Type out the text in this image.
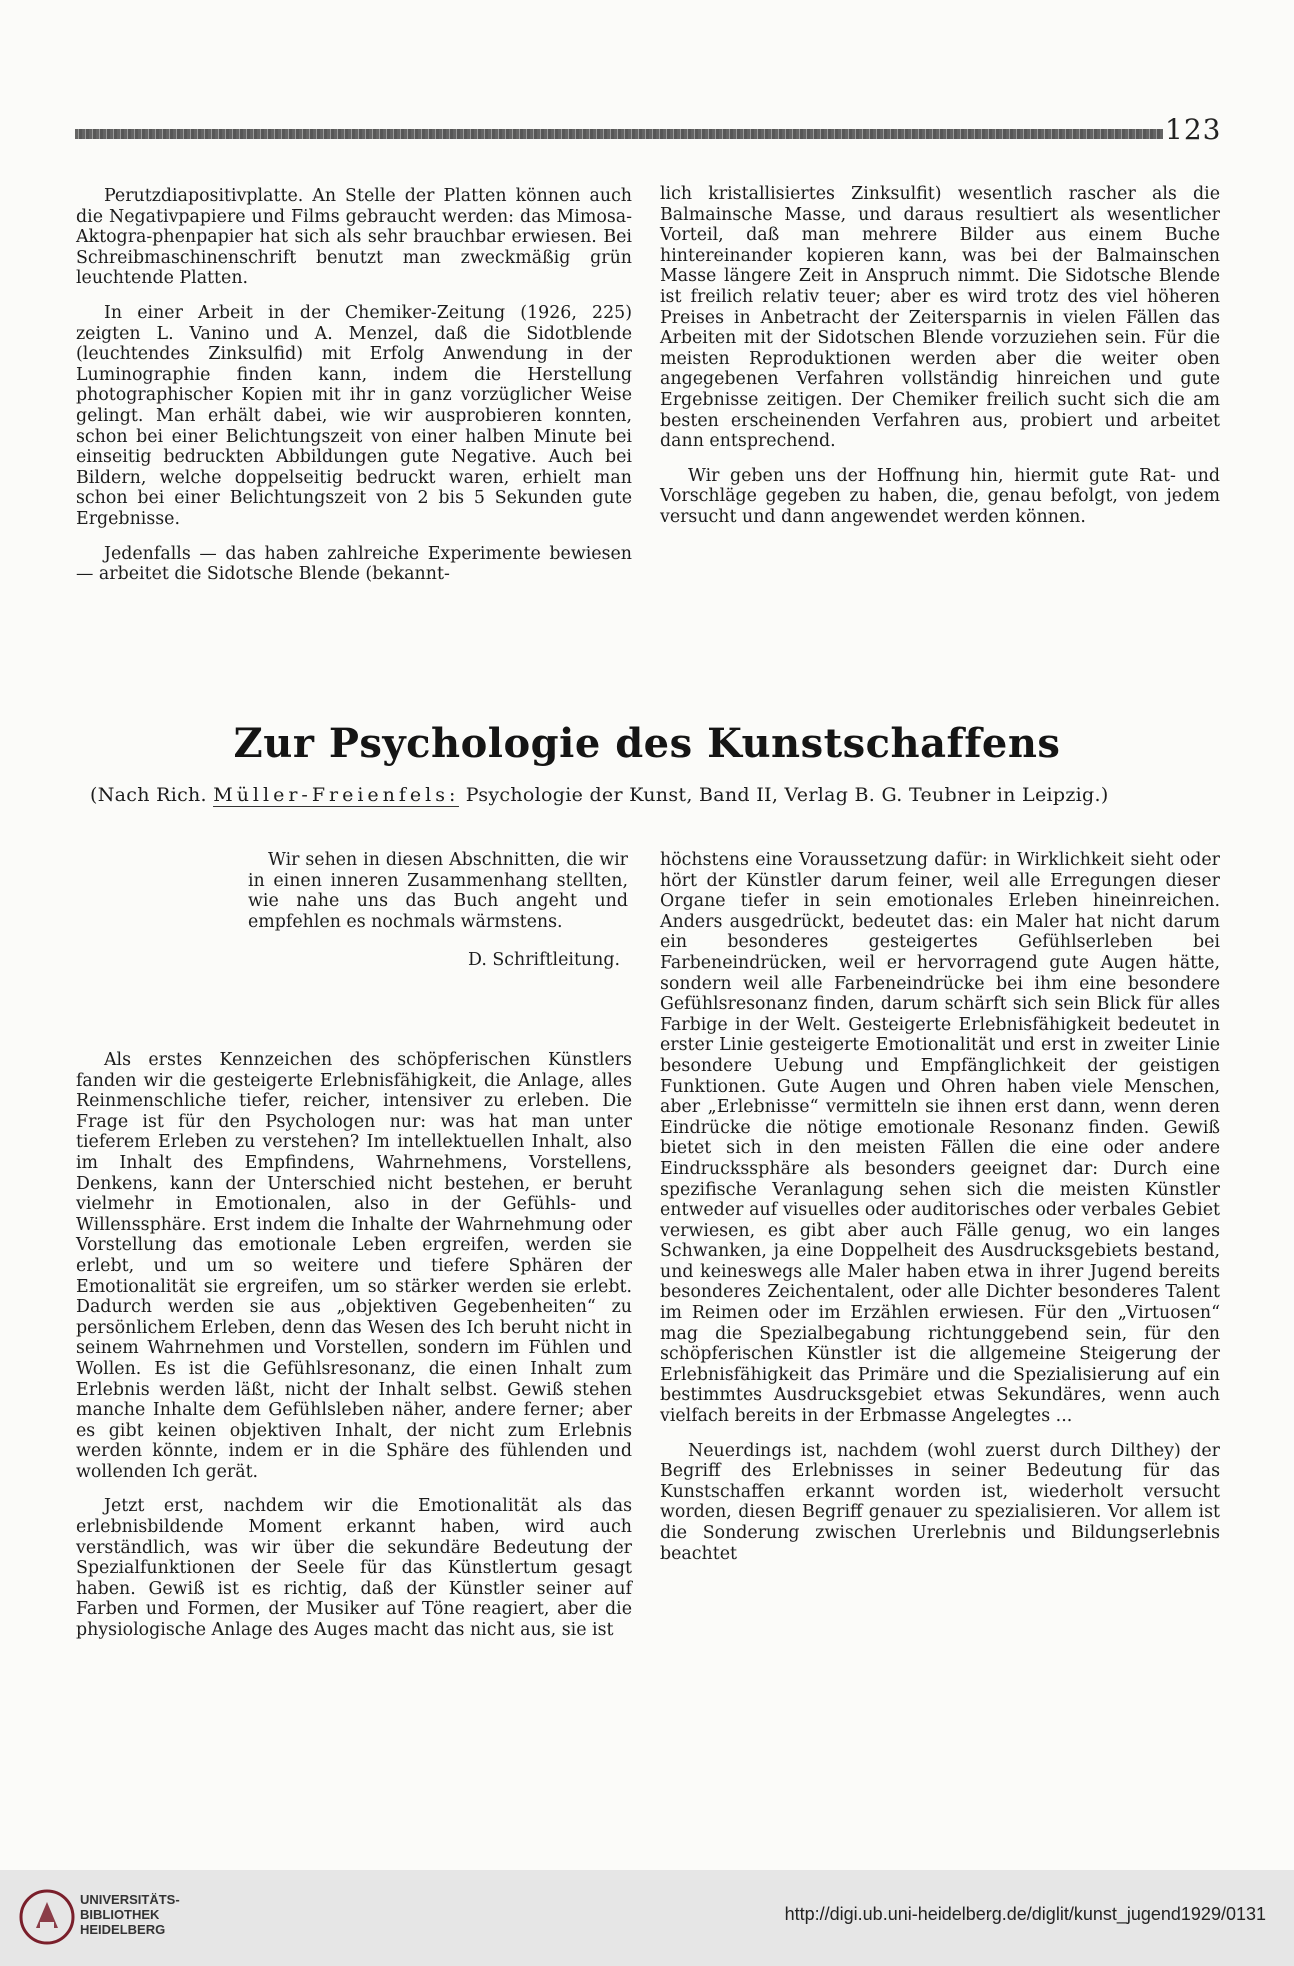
123

Perutzdiapositivplatte. An Stelle der Platten können auch die Negativpapiere und Films gebraucht werden: das Mimosa-Aktogra-phenpapier hat sich als sehr brauchbar erwiesen. Bei Schreibmaschinenschrift benutzt man zweckmäßig grün leuchtende Platten.

In einer Arbeit in der Chemiker-Zeitung (1926, 225) zeigten L. Vanino und A. Menzel, daß die Sidotblende (leuchtendes Zinksulfid) mit Erfolg Anwendung in der Luminographie finden kann, indem die Herstellung photographischer Kopien mit ihr in ganz vorzüglicher Weise gelingt. Man erhält dabei, wie wir ausprobieren konnten, schon bei einer Belichtungszeit von einer halben Minute bei einseitig bedruckten Abbildungen gute Negative. Auch bei Bildern, welche doppelseitig bedruckt waren, erhielt man schon bei einer Belichtungszeit von 2 bis 5 Sekunden gute Ergebnisse.

Jedenfalls — das haben zahlreiche Experimente bewiesen — arbeitet die Sidotsche Blende (bekannt-

lich kristallisiertes Zinksulfit) wesentlich rascher als die Balmainsche Masse, und daraus resultiert als wesentlicher Vorteil, daß man mehrere Bilder aus einem Buche hintereinander kopieren kann, was bei der Balmainschen Masse längere Zeit in Anspruch nimmt. Die Sidotsche Blende ist freilich relativ teuer; aber es wird trotz des viel höheren Preises in Anbetracht der Zeitersparnis in vielen Fällen das Arbeiten mit der Sidotschen Blende vorzuziehen sein. Für die meisten Reproduktionen werden aber die weiter oben angegebenen Verfahren vollständig hinreichen und gute Ergebnisse zeitigen. Der Chemiker freilich sucht sich die am besten erscheinenden Verfahren aus, probiert und arbeitet dann entsprechend.

Wir geben uns der Hoffnung hin, hiermit gute Rat- und Vorschläge gegeben zu haben, die, genau befolgt, von jedem versucht und dann angewendet werden können.

Zur Psychologie des Kunstschaffens
(Nach Rich. Müller-Freienfels: Psychologie der Kunst, Band II, Verlag B. G. Teubner in Leipzig.)

Wir sehen in diesen Abschnitten, die wir in einen inneren Zusammenhang stellten, wie nahe uns das Buch angeht und empfehlen es nochmals wärmstens.

D. Schriftleitung.

Als erstes Kennzeichen des schöpferischen Künstlers fanden wir die gesteigerte Erlebnisfähigkeit, die Anlage, alles Reinmenschliche tiefer, reicher, intensiver zu erleben. Die Frage ist für den Psychologen nur: was hat man unter tieferem Erleben zu verstehen? Im intellektuellen Inhalt, also im Inhalt des Empfindens, Wahrnehmens, Vorstellens, Denkens, kann der Unterschied nicht bestehen, er beruht vielmehr in Emotionalen, also in der Gefühls- und Willenssphäre. Erst indem die Inhalte der Wahrnehmung oder Vorstellung das emotionale Leben ergreifen, werden sie erlebt, und um so weitere und tiefere Sphären der Emotionalität sie ergreifen, um so stärker werden sie erlebt. Dadurch werden sie aus „objektiven Gegebenheiten“ zu persönlichem Erleben, denn das Wesen des Ich beruht nicht in seinem Wahrnehmen und Vorstellen, sondern im Fühlen und Wollen. Es ist die Gefühlsresonanz, die einen Inhalt zum Erlebnis werden läßt, nicht der Inhalt selbst. Gewiß stehen manche Inhalte dem Gefühlsleben näher, andere ferner; aber es gibt keinen objektiven Inhalt, der nicht zum Erlebnis werden könnte, indem er in die Sphäre des fühlenden und wollenden Ich gerät.

Jetzt erst, nachdem wir die Emotionalität als das erlebnisbildende Moment erkannt haben, wird auch verständlich, was wir über die sekundäre Bedeutung der Spezialfunktionen der Seele für das Künstlertum gesagt haben. Gewiß ist es richtig, daß der Künstler seiner auf Farben und Formen, der Musiker auf Töne reagiert, aber die physiologische Anlage des Auges macht das nicht aus, sie ist

höchstens eine Voraussetzung dafür: in Wirklichkeit sieht oder hört der Künstler darum feiner, weil alle Erregungen dieser Organe tiefer in sein emotionales Erleben hineinreichen. Anders ausgedrückt, bedeutet das: ein Maler hat nicht darum ein besonderes gesteigertes Gefühlserleben bei Farbeneindrücken, weil er hervorragend gute Augen hätte, sondern weil alle Farbeneindrücke bei ihm eine besondere Gefühlsresonanz finden, darum schärft sich sein Blick für alles Farbige in der Welt. Gesteigerte Erlebnisfähigkeit bedeutet in erster Linie gesteigerte Emotionalität und erst in zweiter Linie besondere Uebung und Empfänglichkeit der geistigen Funktionen. Gute Augen und Ohren haben viele Menschen, aber „Erlebnisse“ vermitteln sie ihnen erst dann, wenn deren Eindrücke die nötige emotionale Resonanz finden. Gewiß bietet sich in den meisten Fällen die eine oder andere Eindruckssphäre als besonders geeignet dar: Durch eine spezifische Veranlagung sehen sich die meisten Künstler entweder auf visuelles oder auditorisches oder verbales Gebiet verwiesen, es gibt aber auch Fälle genug, wo ein langes Schwanken, ja eine Doppelheit des Ausdrucksgebiets bestand, und keineswegs alle Maler haben etwa in ihrer Jugend bereits besonderes Zeichentalent, oder alle Dichter besonderes Talent im Reimen oder im Erzählen erwiesen. Für den „Virtuosen“ mag die Spezialbegabung richtunggebend sein, für den schöpferischen Künstler ist die allgemeine Steigerung der Erlebnisfähigkeit das Primäre und die Spezialisierung auf ein bestimmtes Ausdrucksgebiet etwas Sekundäres, wenn auch vielfach bereits in der Erbmasse Angelegtes ...

Neuerdings ist, nachdem (wohl zuerst durch Dilthey) der Begriff des Erlebnisses in seiner Bedeutung für das Kunstschaffen erkannt worden ist, wiederholt versucht worden, diesen Begriff genauer zu spezialisieren. Vor allem ist die Sonderung zwischen Urerlebnis und Bildungserlebnis beachtet

UNIVERSITÄTS-
BIBLIOTHEK
HEIDELBERG
http://digi.ub.uni-heidelberg.de/diglit/kunst_jugend1929/0131
